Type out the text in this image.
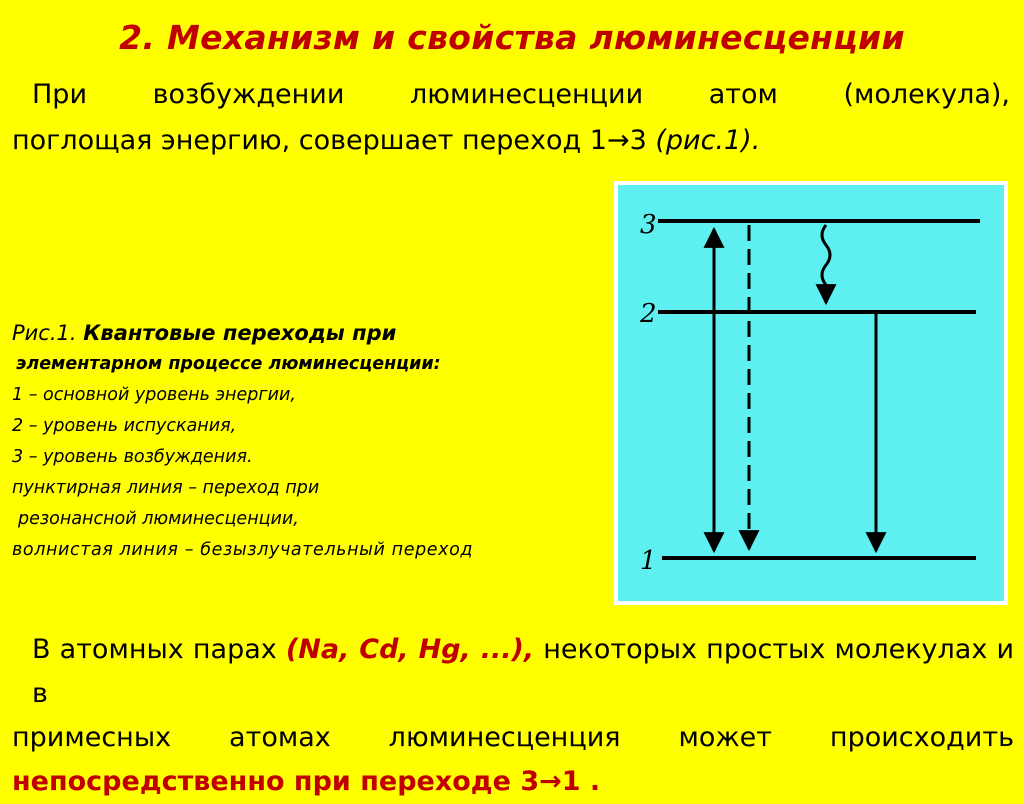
2. Механизм и свойства люминесценции
При возбуждении люминесценции атом (молекула),
поглощая энергию, совершает переход 1→3 (рис.1).
Рис.1. Квантовые переходы при
элементарном процессе люминесценции:
1 – основной уровень энергии,
2 – уровень испускания,
3 – уровень возбуждения.
пунктирная линия – переход при
резонансной люминесценции,
волнистая линия – безызлучательный переход
3
2
1
В атомных парах (Na, Cd, Hg, ...), некоторых простых молекулах и в
примесных атомах люминесценция может происходить
непосредственно при переходе 3→1 .
